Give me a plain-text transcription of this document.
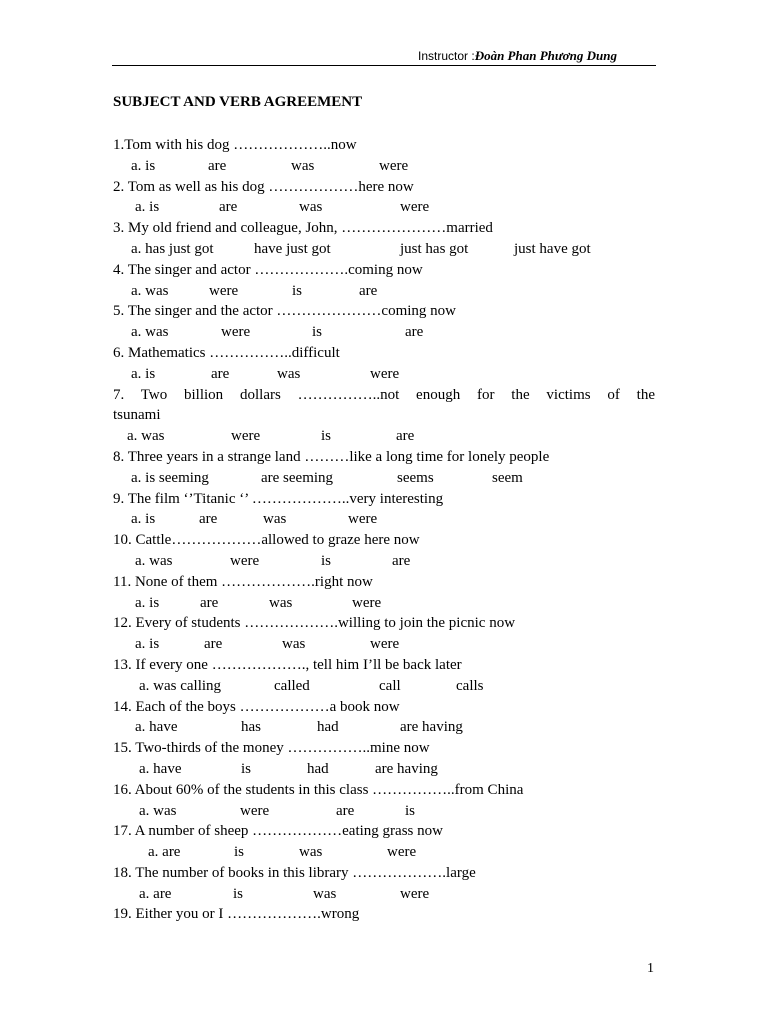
Instructor :Đoàn Phan Phương Dung
SUBJECT AND VERB AGREEMENT
1.Tom with his dog ………………..now
a. is	are	was	were
2. Tom as well as his dog ………………here now
a. is	are	was	were
3. My old friend and colleague, John, …………………married
a. has just got	have just got	just has got	just have got
4. The singer and actor ……………….coming now
a. was	were	is	are
5. The singer and the actor …………………coming now
a. was	were	is	are
6. Mathematics ……………..difficult
a. is	are	was	were
7. Two billion dollars ……………..not enough for the victims of the
tsunami
a. was	were	is	are
8. Three years in a strange land ………like a long time for lonely people
a. is seeming	are seeming	seems	seem
9. The film ‘’Titanic ‘’ ………………..very interesting
a. is	are	was	were
10. Cattle………………allowed to graze here now
a. was	were	is	are
11. None of them ……………….right now
a. is	are	was	were
12. Every of students ……………….willing to join the picnic now
a. is	are	was	were
13. If every one ………………., tell him I’ll be back later
a. was calling	called	call	calls
14. Each of the boys ………………a book now
a. have	has	had	are having
15. Two-thirds of the money ……………..mine now
a. have	is	had	are having
16. About 60% of the students in this class ……………..from China
a. was	were	are	is
17. A number of sheep ………………eating grass now
a. are	is	was	were
18. The number of books in this library ……………….large
a. are	is	was	were
19. Either you or I ……………….wrong
1
